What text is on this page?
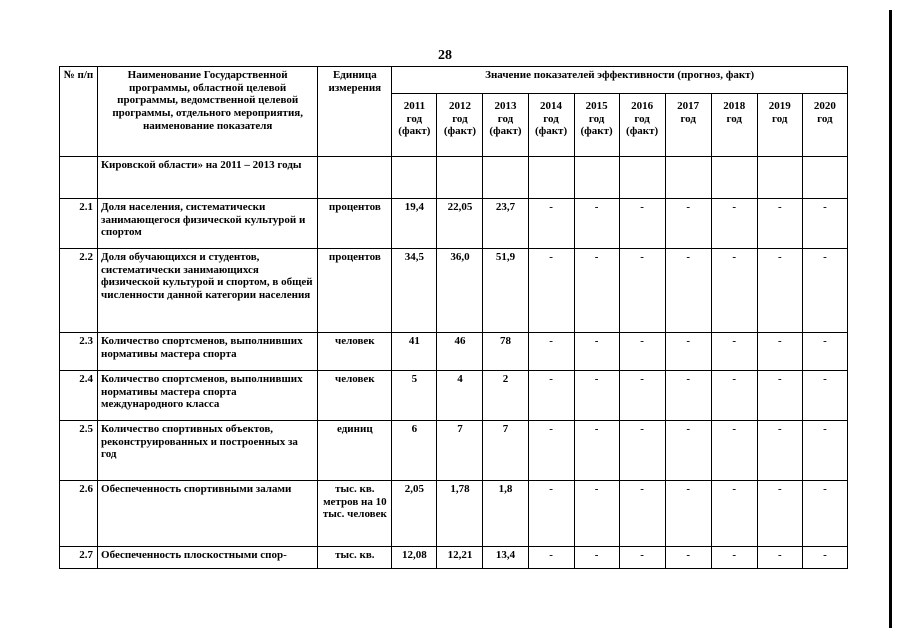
28
№ п/п	Наименование Государственной программы, областной целевой программы, ведомственной целевой программы, отдельного мероприятия, наименование показателя	Единица измерения	Значение показателей эффективности (прогноз, факт)									

			2011
год
(факт)	2012
год
(факт)	2013
год
(факт)	2014
год
(факт)	2015
год
(факт)	2016
год
(факт)	2017
год	2018
год	2019
год	2020
год

	Кировской области» на 2011 – 2013 годы											
2.1	Доля населения, систематически занимающегося физической культурой и спортом	процентов	19,4	22,05	23,7	-	-	-	-	-	-	-
2.2	Доля обучающихся и студентов, систематически занимающихся физической культурой и спортом, в общей численности данной категории населения	процентов	34,5	36,0	51,9	-	-	-	-	-	-	-
2.3	Количество спортсменов, выполнивших нормативы мастера спорта	человек	41	46	78	-	-	-	-	-	-	-
2.4	Количество спортсменов, выполнивших нормативы мастера спорта международного класса	человек	5	4	2	-	-	-	-	-	-	-
2.5	Количество спортивных объектов, реконструированных и построенных за год	единиц	6	7	7	-	-	-	-	-	-	-
2.6	Обеспеченность спортивными залами	тыс. кв. метров на 10 тыс. человек	2,05	1,78	1,8	-	-	-	-	-	-	-
2.7	Обеспеченность плоскостными спор-	тыс. кв.	12,08	12,21	13,4	-	-	-	-	-	-	-
